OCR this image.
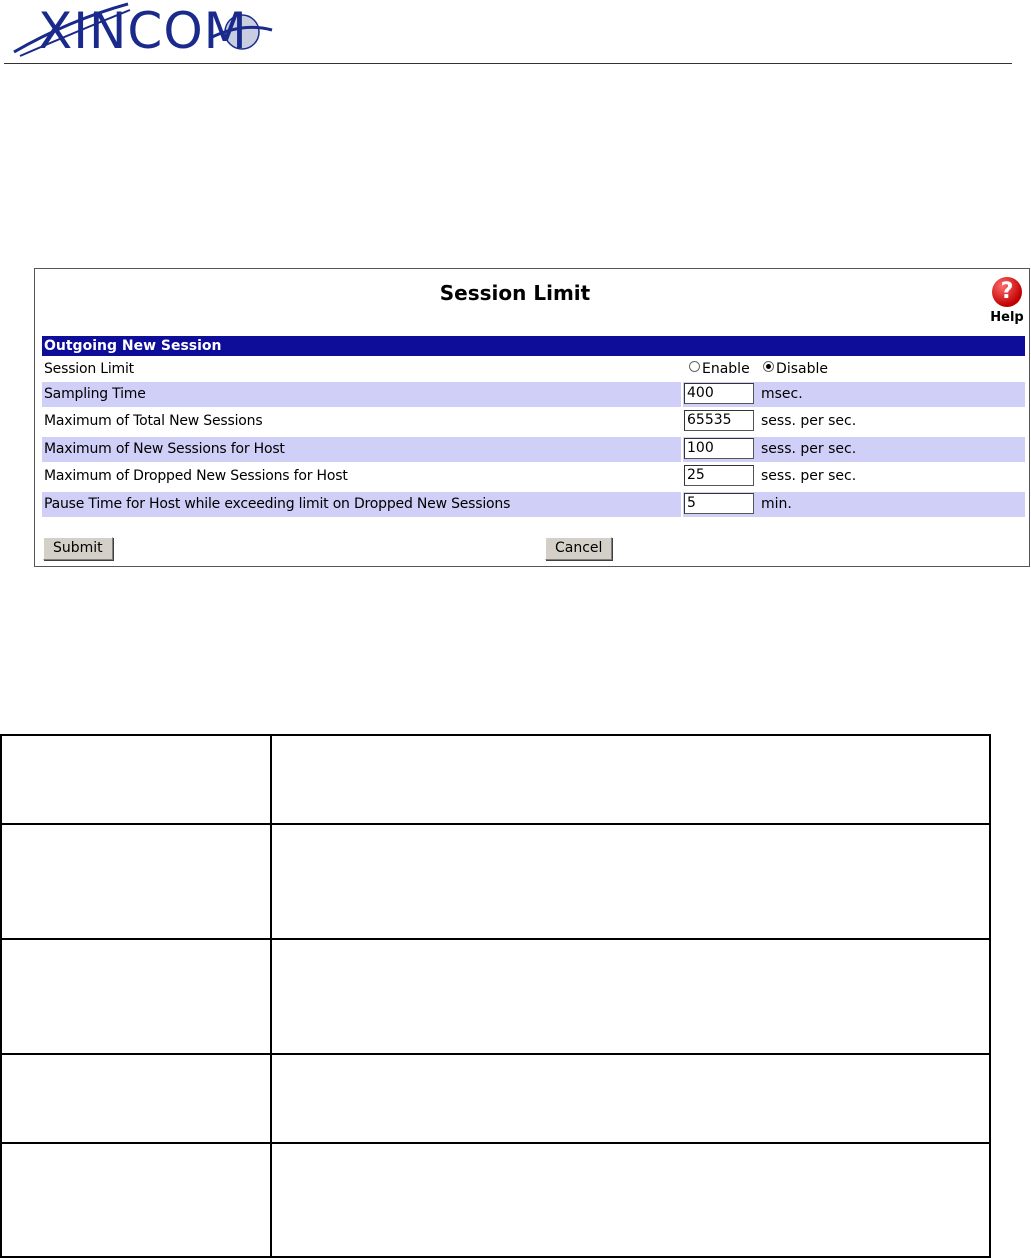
XINCOM
Session Limit	?
Help
Outgoing New Session
Session Limit	Enable Disable
Sampling Time	400	msec.
Maximum of Total New Sessions	65535	sess. per sec.
Maximum of New Sessions for Host	100	sess. per sec.
Maximum of Dropped New Sessions for Host	25	sess. per sec.
Pause Time for Host while exceeding limit on Dropped New Sessions	5	min.
Submit	Cancel
